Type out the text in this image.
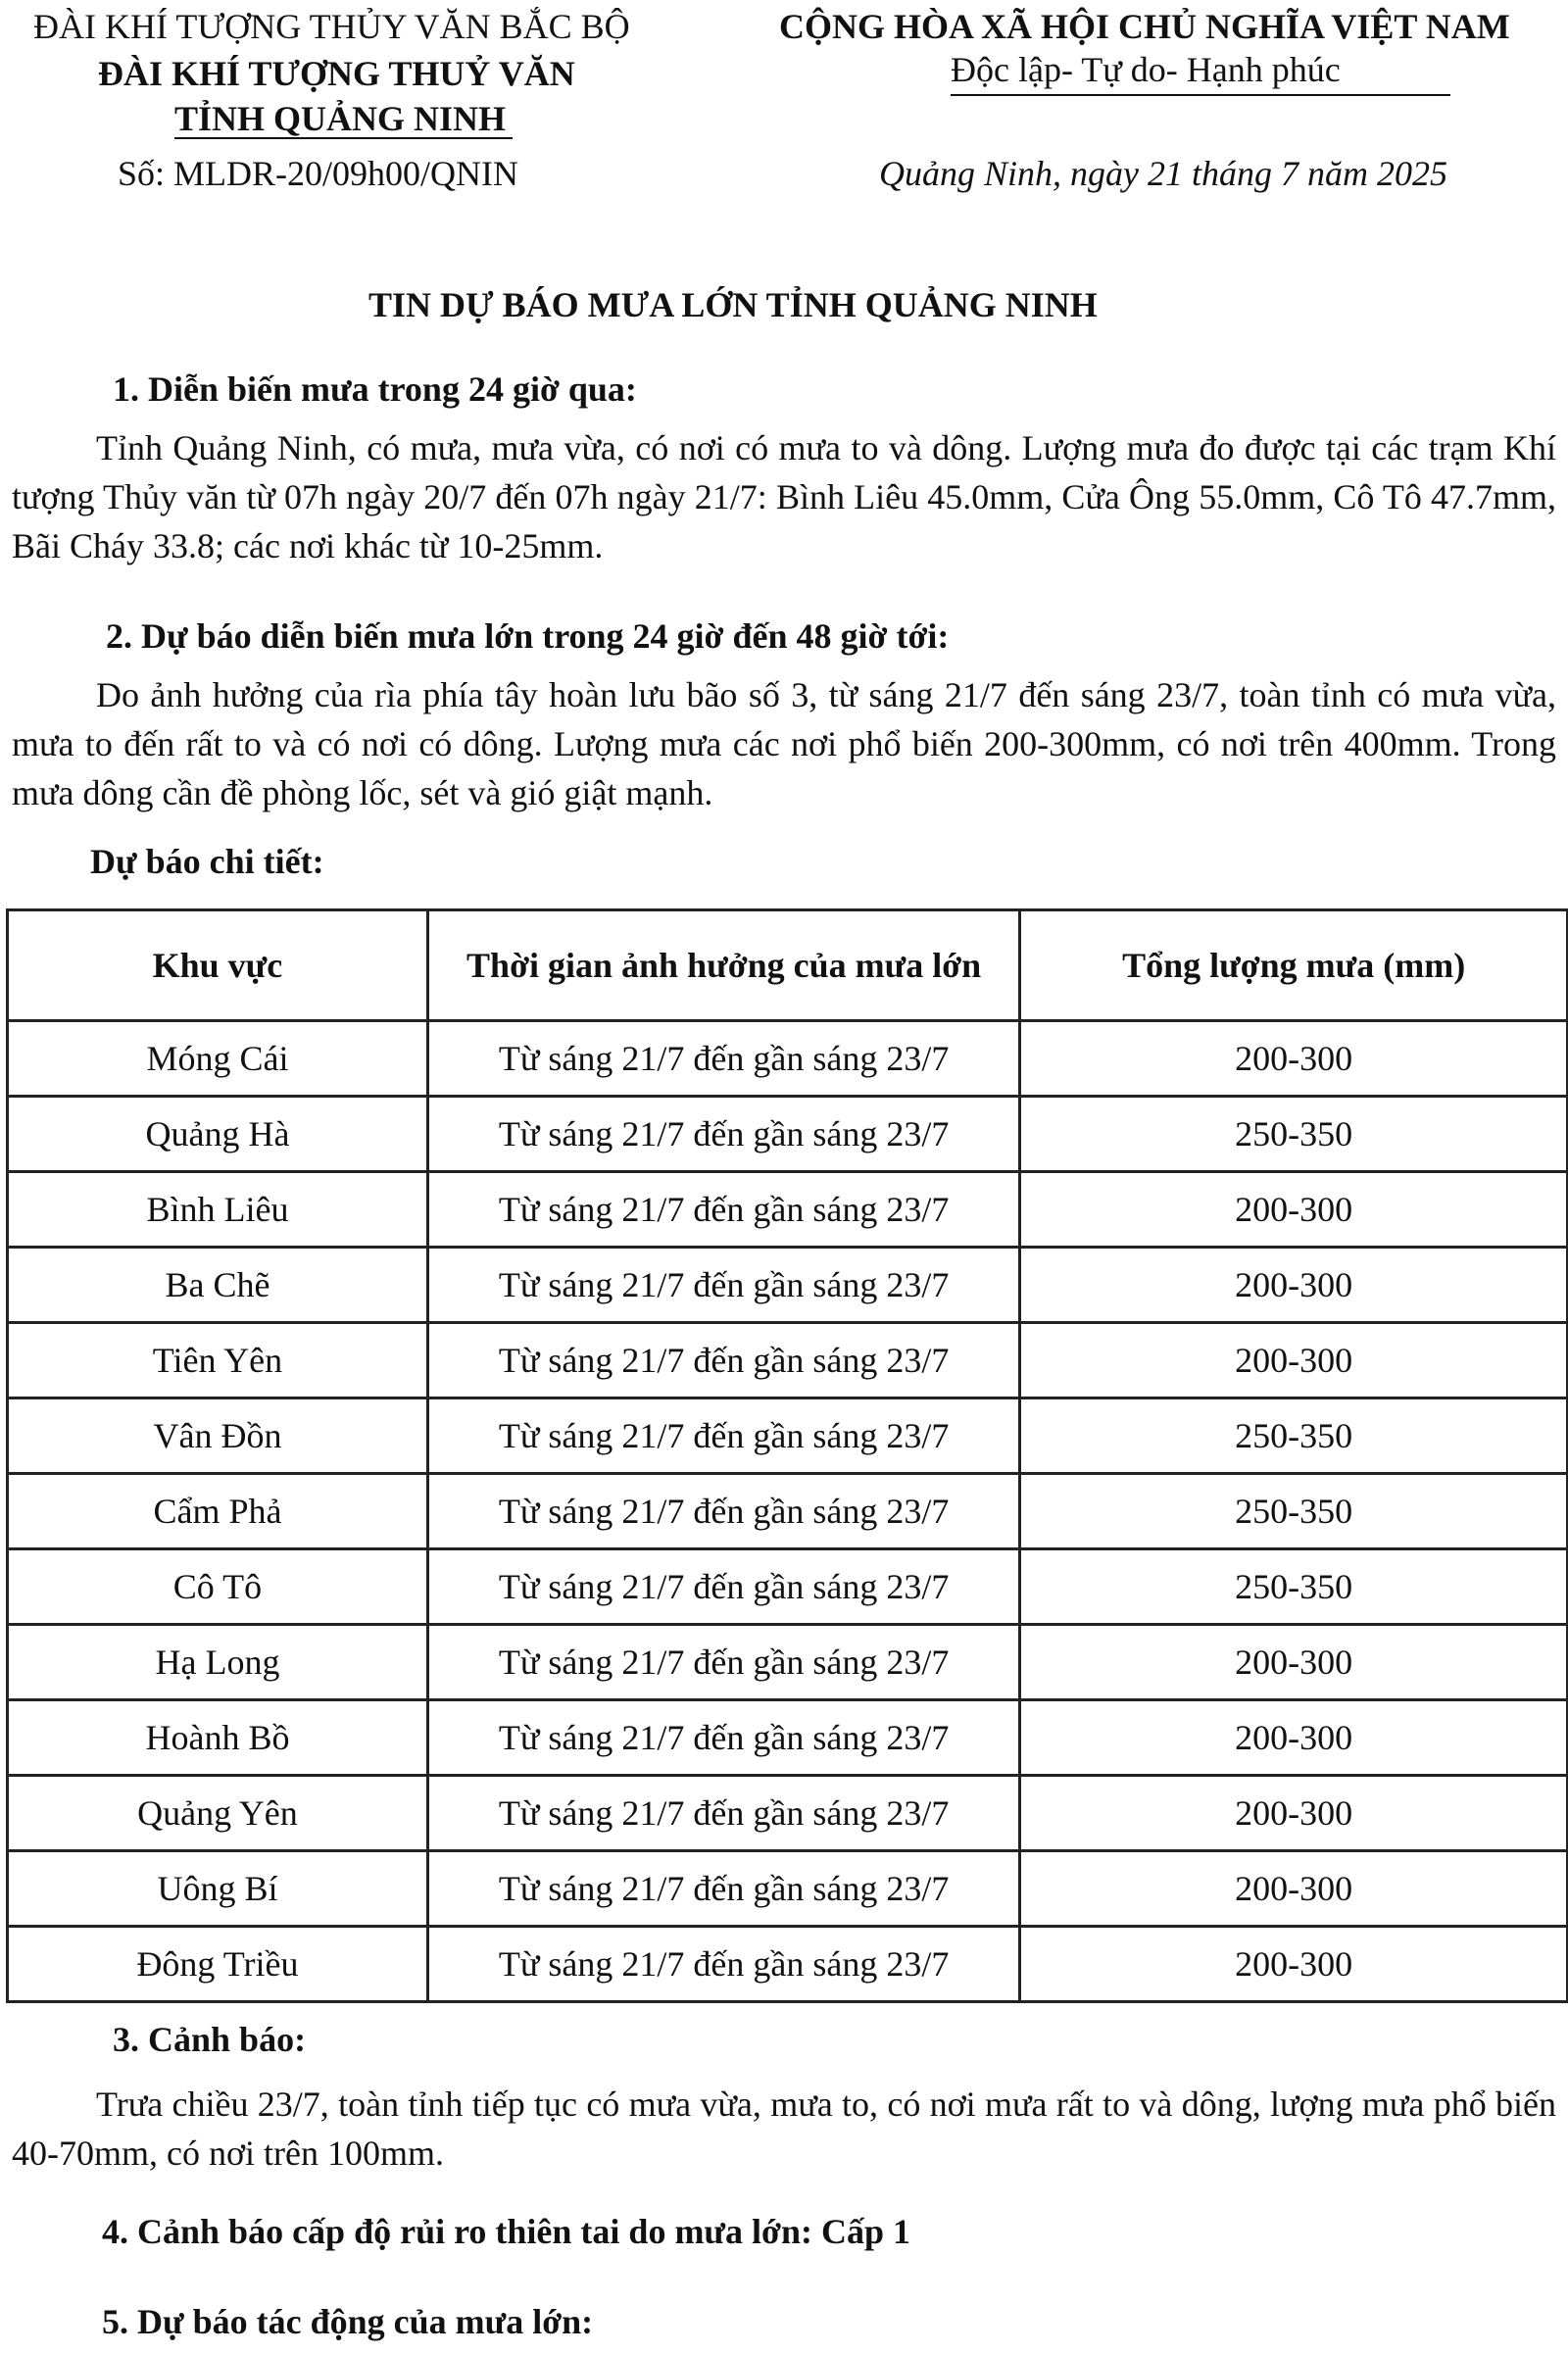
ĐÀI KHÍ TƯỢNG THỦY VĂN BẮC BỘ
ĐÀI KHÍ TƯỢNG THUỶ VĂN
TỈNH QUẢNG NINH
Số: MLDR-20/09h00/QNIN
CỘNG HÒA XÃ HỘI CHỦ NGHĨA VIỆT NAM
Độc lập- Tự do- Hạnh phúc
Quảng Ninh, ngày 21 tháng 7 năm 2025
TIN DỰ BÁO MƯA LỚN TỈNH QUẢNG NINH
1. Diễn biến mưa trong 24 giờ qua:
Tỉnh Quảng Ninh, có mưa, mưa vừa, có nơi có mưa to và dông. Lượng mưa đo được tại các trạm Khí tượng Thủy văn từ 07h ngày 20/7 đến 07h ngày 21/7: Bình Liêu 45.0mm, Cửa Ông 55.0mm, Cô Tô 47.7mm, Bãi Cháy 33.8; các nơi khác từ 10-25mm.
2. Dự báo diễn biến mưa lớn trong 24 giờ đến 48 giờ tới:
Do ảnh hưởng của rìa phía tây hoàn lưu bão số 3, từ sáng 21/7 đến sáng 23/7, toàn tỉnh có mưa vừa, mưa to đến rất to và có nơi có dông. Lượng mưa các nơi phổ biến 200-300mm, có nơi trên 400mm. Trong mưa dông cần đề phòng lốc, sét và gió giật mạnh.
Dự báo chi tiết:
Khu vực	Thời gian ảnh hưởng của mưa lớn	Tổng lượng mưa (mm)
Móng Cái	Từ sáng 21/7 đến gần sáng 23/7	200-300
Quảng Hà	Từ sáng 21/7 đến gần sáng 23/7	250-350
Bình Liêu	Từ sáng 21/7 đến gần sáng 23/7	200-300
Ba Chẽ	Từ sáng 21/7 đến gần sáng 23/7	200-300
Tiên Yên	Từ sáng 21/7 đến gần sáng 23/7	200-300
Vân Đồn	Từ sáng 21/7 đến gần sáng 23/7	250-350
Cẩm Phả	Từ sáng 21/7 đến gần sáng 23/7	250-350
Cô Tô	Từ sáng 21/7 đến gần sáng 23/7	250-350
Hạ Long	Từ sáng 21/7 đến gần sáng 23/7	200-300
Hoành Bồ	Từ sáng 21/7 đến gần sáng 23/7	200-300
Quảng Yên	Từ sáng 21/7 đến gần sáng 23/7	200-300
Uông Bí	Từ sáng 21/7 đến gần sáng 23/7	200-300
Đông Triều	Từ sáng 21/7 đến gần sáng 23/7	200-300
3. Cảnh báo:
Trưa chiều 23/7, toàn tỉnh tiếp tục có mưa vừa, mưa to, có nơi mưa rất to và dông, lượng mưa phổ biến 40-70mm, có nơi trên 100mm.
4. Cảnh báo cấp độ rủi ro thiên tai do mưa lớn: Cấp 1
5. Dự báo tác động của mưa lớn:
